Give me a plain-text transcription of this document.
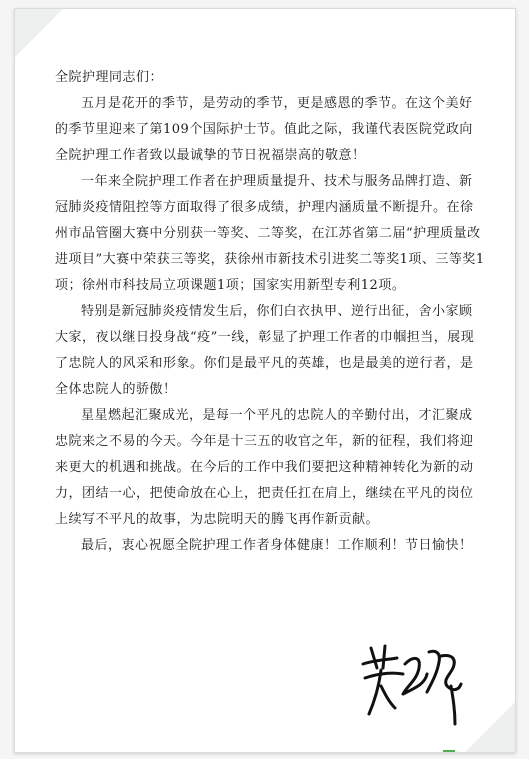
全院护理同志们：

五月是花开的季节，是劳动的季节，更是感恩的季节。在这个美好的季节里迎来了第109个国际护士节。值此之际，我谨代表医院党政向全院护理工作者致以最诚挚的节日祝福崇高的敬意！

一年来全院护理工作者在护理质量提升、技术与服务品牌打造、新冠肺炎疫情阻控等方面取得了很多成绩，护理内涵质量不断提升。在徐州市品管圈大赛中分别获一等奖、二等奖，在江苏省第二届“护理质量改进项目”大赛中荣获三等奖，获徐州市新技术引进奖二等奖1项、三等奖1项；徐州市科技局立项课题1项；国家实用新型专利12项。

特别是新冠肺炎疫情发生后，你们白衣执甲、逆行出征，舍小家顾大家，夜以继日投身战“疫”一线，彰显了护理工作者的巾帼担当，展现了忠院人的风采和形象。你们是最平凡的英雄，也是最美的逆行者，是全体忠院人的骄傲！

星星燃起汇聚成光，是每一个平凡的忠院人的辛勤付出，才汇聚成忠院来之不易的今天。今年是十三五的收官之年，新的征程，我们将迎来更大的机遇和挑战。在今后的工作中我们要把这种精神转化为新的动力，团结一心，把使命放在心上，把责任扛在肩上，继续在平凡的岗位上续写不平凡的故事，为忠院明天的腾飞再作新贡献。

最后，衷心祝愿全院护理工作者身体健康！工作顺利！节日愉快！
